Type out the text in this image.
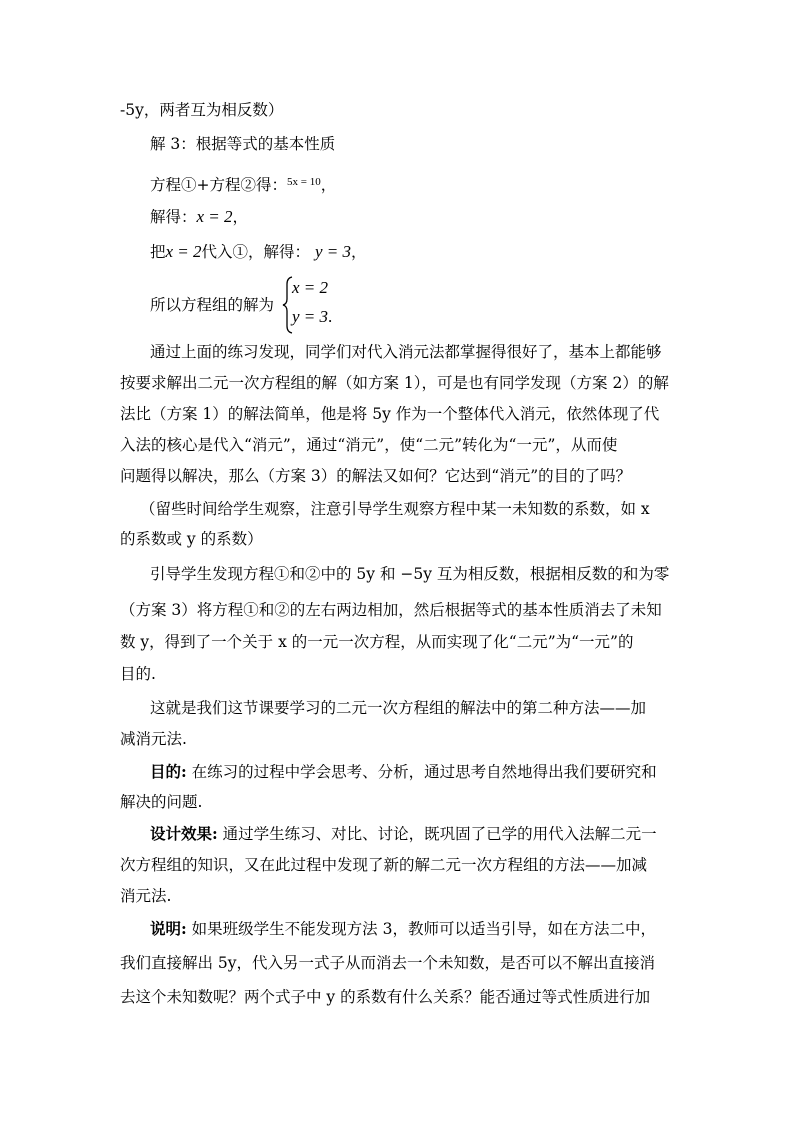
-5y，两者互为相反数）
解 3：根据等式的基本性质
方程①+方程②得：$^{5x = 10}$，
解得：x = 2，
把x = 2代入①，解得： y = 3，
所以方程组的解为
x = 2
y = 3.
通过上面的练习发现，同学们对代入消元法都掌握得很好了，基本上都能够
按要求解出二元一次方程组的解（如方案 1），可是也有同学发现（方案 2）的解
法比（方案 1）的解法简单，他是将 5y 作为一个整体代入消元，依然体现了代
入法的核心是代入“消元”，通过“消元”，使“二元”转化为“一元”，从而使
问题得以解决，那么（方案 3）的解法又如何？它达到“消元”的目的了吗？
（留些时间给学生观察，注意引导学生观察方程中某一未知数的系数，如 x
的系数或 y 的系数）
引导学生发现方程①和②中的 5y 和 −5y 互为相反数，根据相反数的和为零
（方案 3）将方程①和②的左右两边相加，然后根据等式的基本性质消去了未知
数 y，得到了一个关于 x 的一元一次方程，从而实现了化“二元”为“一元”的
目的.
这就是我们这节课要学习的二元一次方程组的解法中的第二种方法——加
减消元法.
目的: 在练习的过程中学会思考、分析，通过思考自然地得出我们要研究和
解决的问题.
设计效果: 通过学生练习、对比、讨论，既巩固了已学的用代入法解二元一
次方程组的知识，又在此过程中发现了新的解二元一次方程组的方法——加减
消元法.
说明: 如果班级学生不能发现方法 3，教师可以适当引导，如在方法二中，
我们直接解出 5y，代入另一式子从而消去一个未知数，是否可以不解出直接消
去这个未知数呢？两个式子中 y 的系数有什么关系？能否通过等式性质进行加
